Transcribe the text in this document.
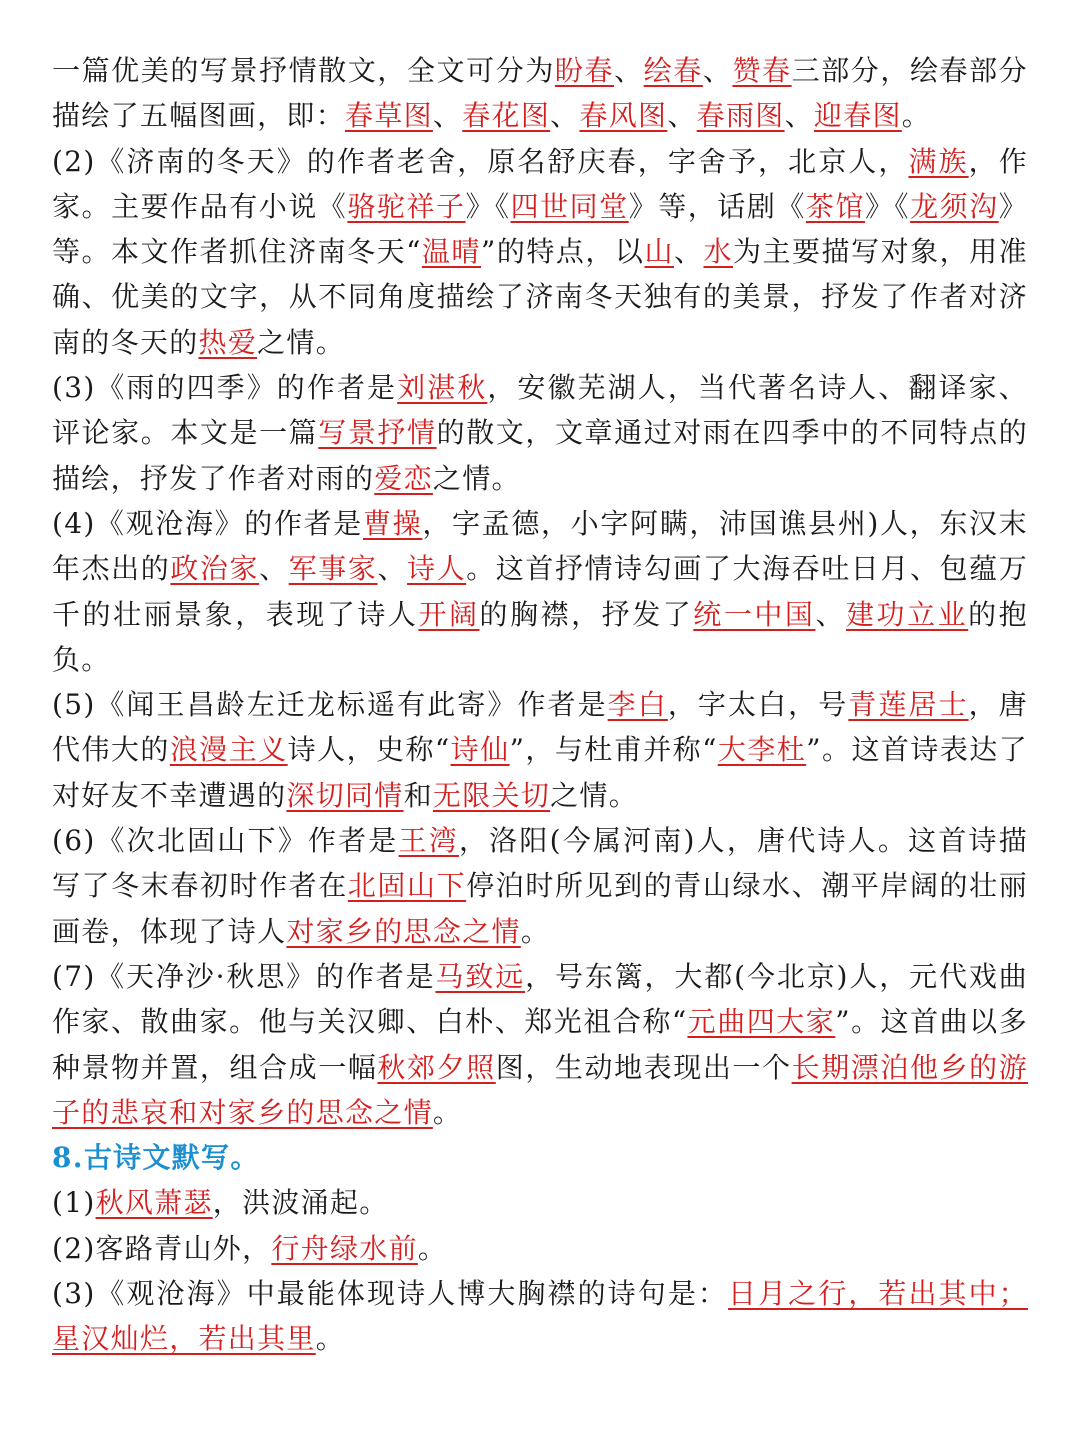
一篇优美的写景抒情散文，全文可分为盼春、绘春、赞春三部分，绘春部分描绘了五幅图画，即：春草图、春花图、春风图、春雨图、迎春图。

(2)《济南的冬天》的作者老舍，原名舒庆春，字舍予，北京人，满族，作家。主要作品有小说《骆驼祥子》《四世同堂》等，话剧《茶馆》《龙须沟》等。本文作者抓住济南冬天“温晴”的特点，以山、水为主要描写对象，用准确、优美的文字，从不同角度描绘了济南冬天独有的美景，抒发了作者对济南的冬天的热爱之情。

(3)《雨的四季》的作者是刘湛秋，安徽芜湖人，当代著名诗人、翻译家、评论家。本文是一篇写景抒情的散文，文章通过对雨在四季中的不同特点的描绘，抒发了作者对雨的爱恋之情。

(4)《观沧海》的作者是曹操，字孟德，小字阿瞒，沛国谯县州)人，东汉末年杰出的政治家、军事家、诗人。这首抒情诗勾画了大海吞吐日月、包蕴万千的壮丽景象，表现了诗人开阔的胸襟，抒发了统一中国、建功立业的抱负。

(5)《闻王昌龄左迁龙标遥有此寄》作者是李白，字太白，号青莲居士，唐代伟大的浪漫主义诗人，史称“诗仙”，与杜甫并称“大李杜”。这首诗表达了对好友不幸遭遇的深切同情和无限关切之情。

(6)《次北固山下》作者是王湾，洛阳(今属河南)人，唐代诗人。这首诗描写了冬末春初时作者在北固山下停泊时所见到的青山绿水、潮平岸阔的壮丽画卷，体现了诗人对家乡的思念之情。

(7)《天净沙·秋思》的作者是马致远，号东篱，大都(今北京)人，元代戏曲作家、散曲家。他与关汉卿、白朴、郑光祖合称“元曲四大家”。这首曲以多种景物并置，组合成一幅秋郊夕照图，生动地表现出一个长期漂泊他乡的游子的悲哀和对家乡的思念之情。

8.古诗文默写。

(1)秋风萧瑟，洪波涌起。

(2)客路青山外，行舟绿水前。

(3)《观沧海》中最能体现诗人博大胸襟的诗句是：日月之行，若出其中；星汉灿烂，若出其里。
